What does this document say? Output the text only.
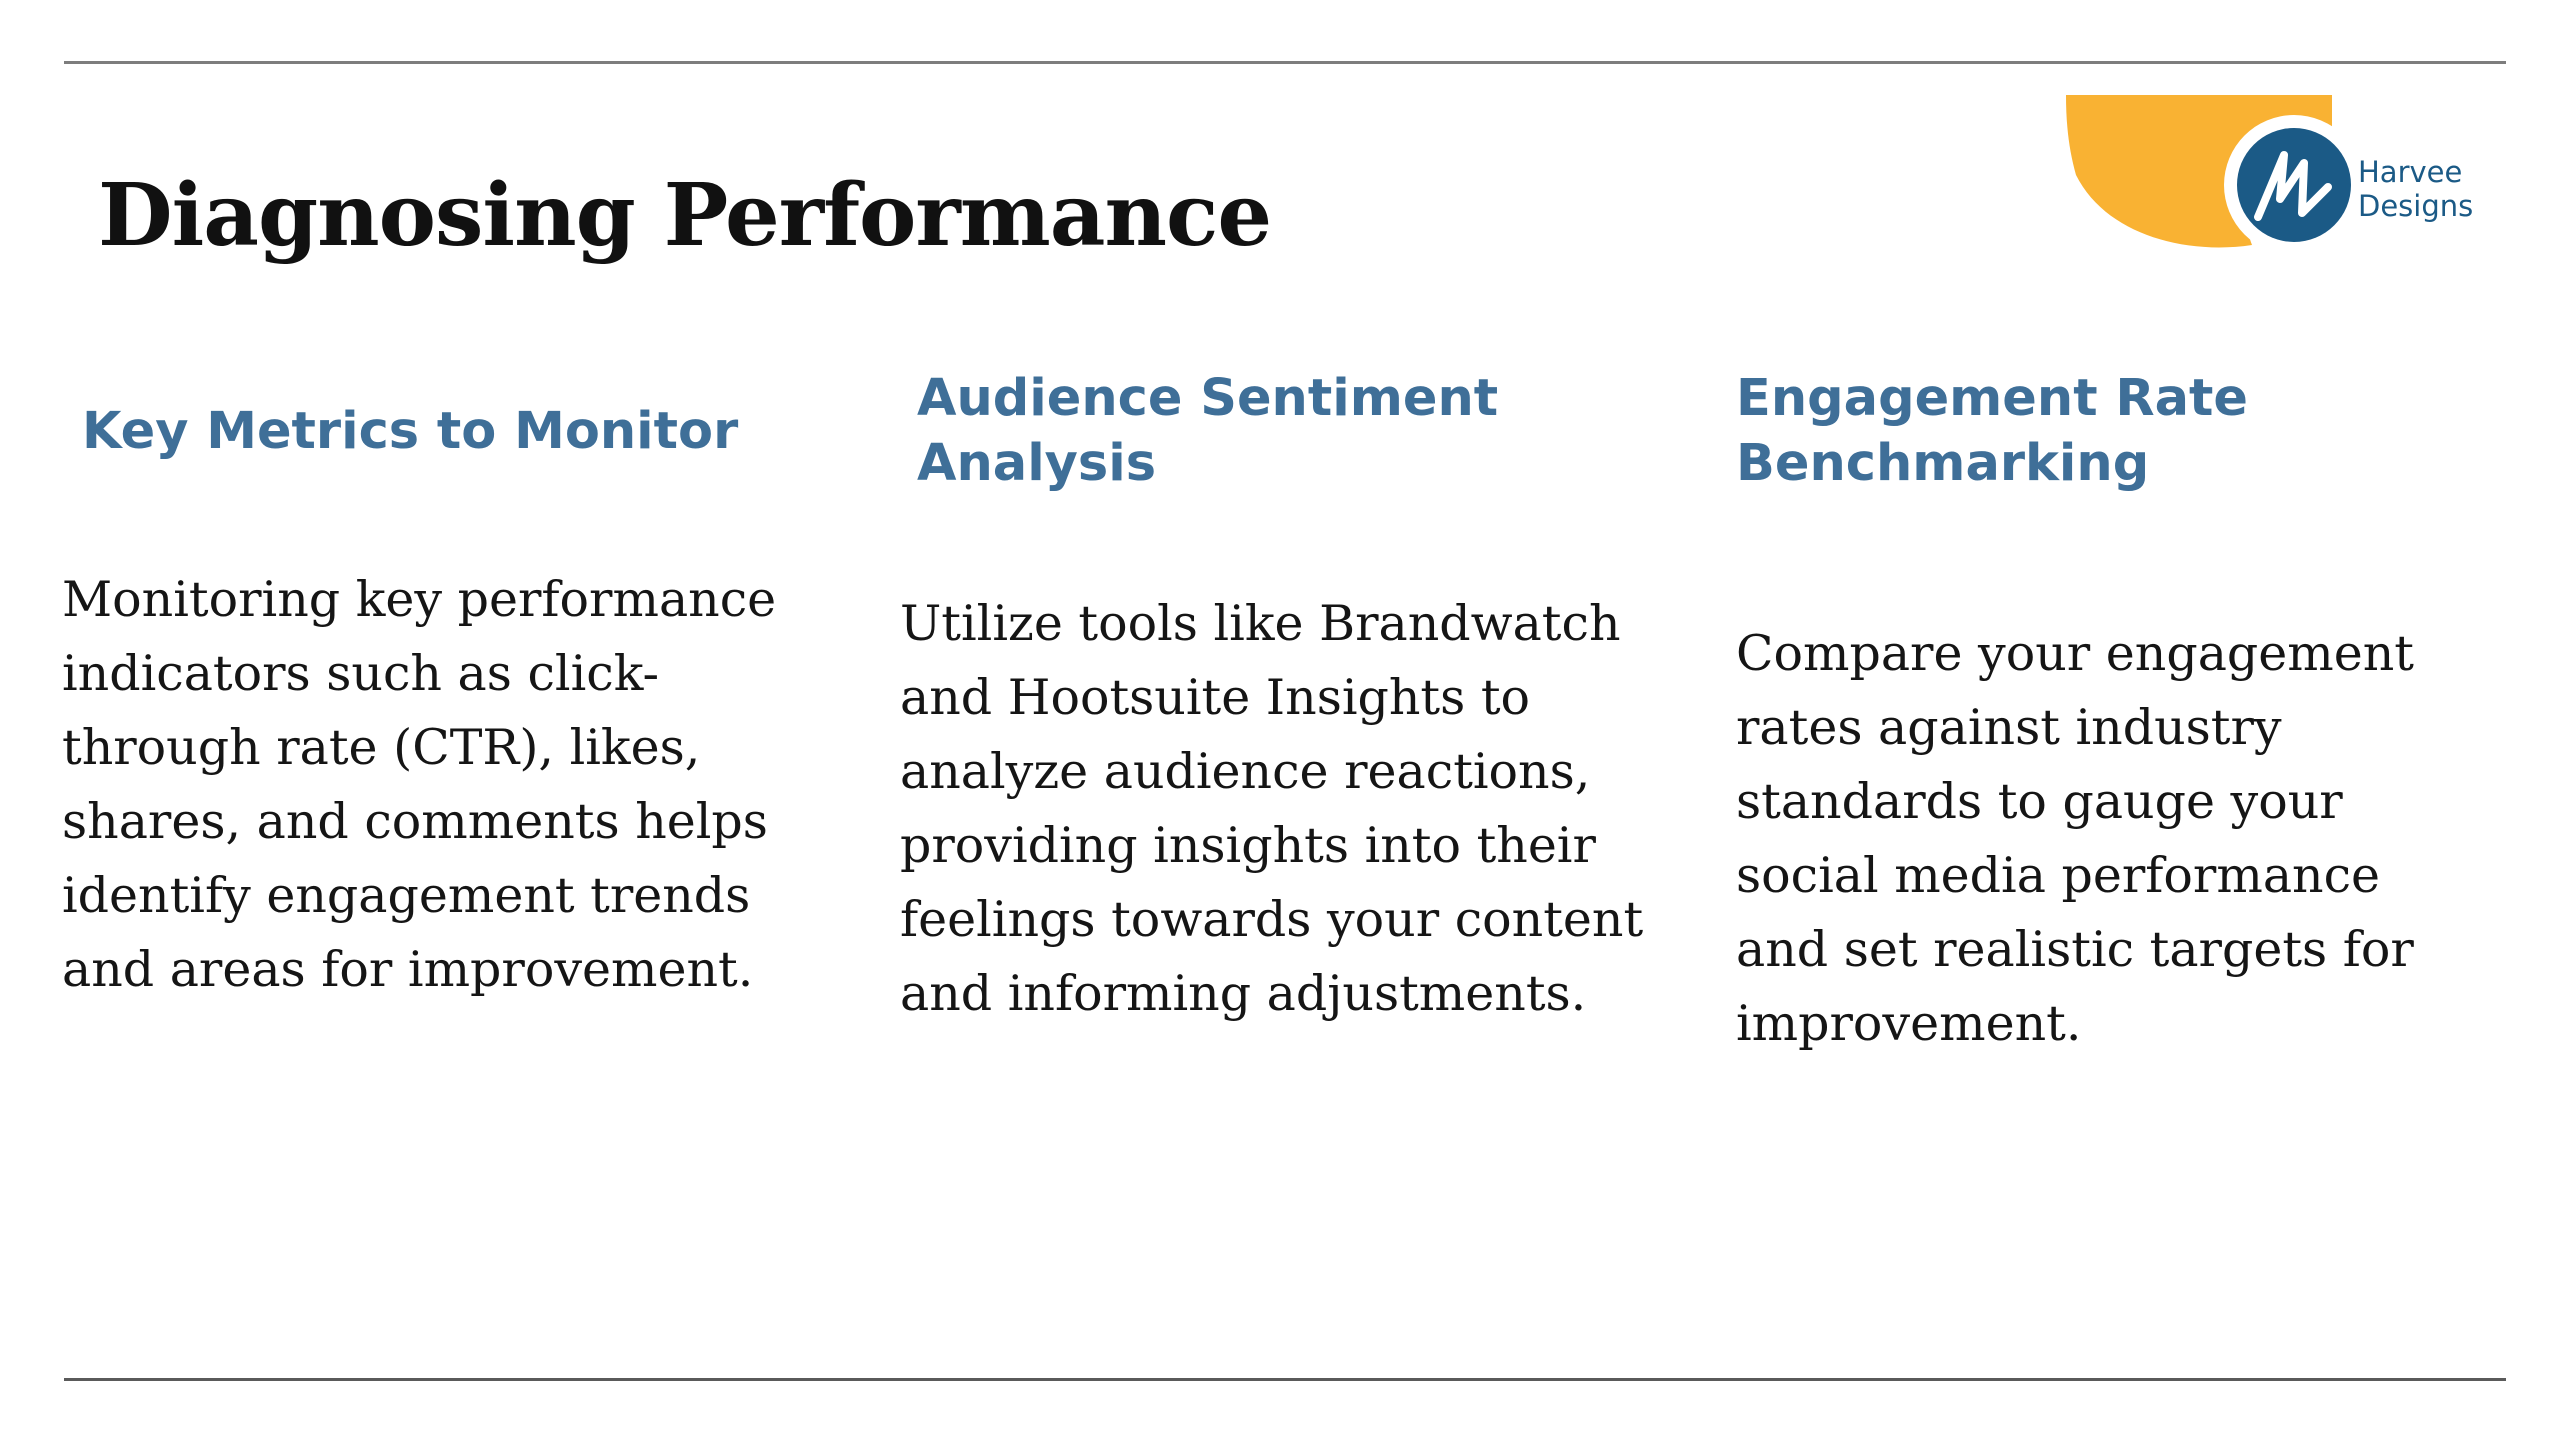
Diagnosing Performance	Harvee
Designs
Key Metrics to Monitor
Audience Sentiment Analysis
Engagement Rate Benchmarking

Monitoring key performance indicators such as click-through rate (CTR), likes, shares, and comments helps identify engagement trends and areas for improvement.

Utilize tools like Brandwatch and Hootsuite Insights to analyze audience reactions, providing insights into their feelings towards your content and informing adjustments.

Compare your engagement rates against industry standards to gauge your social media performance and set realistic targets for improvement.
